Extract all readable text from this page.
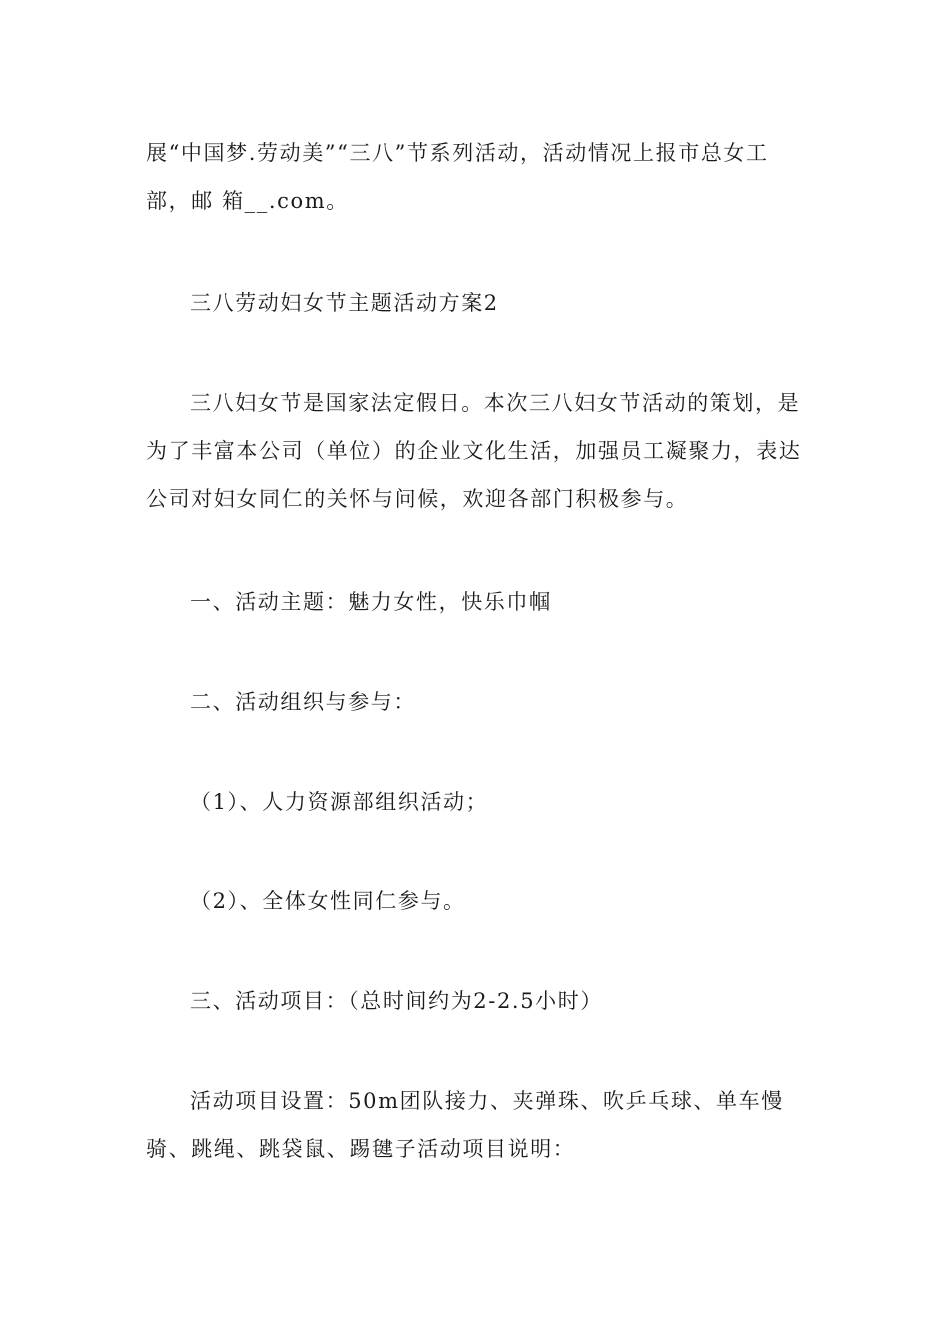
展“中国梦.劳动美”“三八”节系列活动，活动情况上报市总女工
部，邮 箱__.com。
三八劳动妇女节主题活动方案2
三八妇女节是国家法定假日。本次三八妇女节活动的策划，是
为了丰富本公司（单位）的企业文化生活，加强员工凝聚力，表达
公司对妇女同仁的关怀与问候，欢迎各部门积极参与。
一、活动主题：魅力女性，快乐巾帼
二、活动组织与参与：
（1）、人力资源部组织活动；
（2）、全体女性同仁参与。
三、活动项目：（总时间约为2-2.5小时）
活动项目设置：50m团队接力、夹弹珠、吹乒乓球、单车慢
骑、跳绳、跳袋鼠、踢毽子活动项目说明：
